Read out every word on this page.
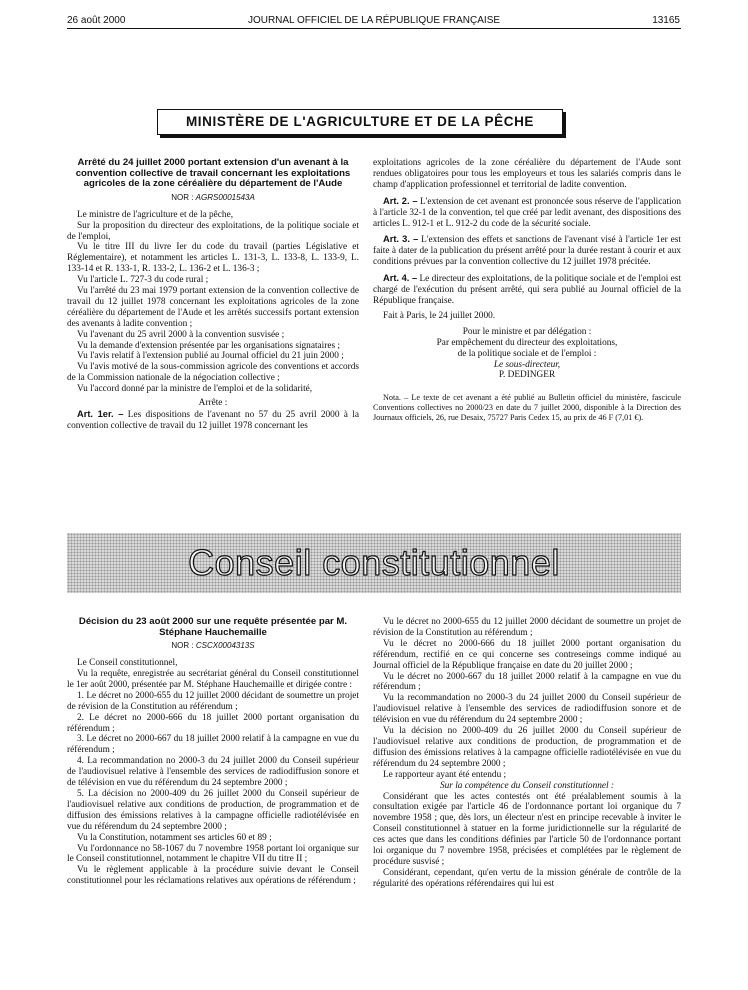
26 août 2000	JOURNAL OFFICIEL DE LA RÉPUBLIQUE FRANÇAISE	13165
MINISTÈRE DE L'AGRICULTURE ET DE LA PÊCHE
Arrêté du 24 juillet 2000 portant extension d'un avenant à la convention collective de travail concernant les exploitations agricoles de la zone céréalière du département de l'Aude
NOR : AGRS0001543A

Le ministre de l'agriculture et de la pêche,

Sur la proposition du directeur des exploitations, de la politique sociale et de l'emploi,

Vu le titre III du livre Ier du code du travail (parties Législative et Réglementaire), et notamment les articles L. 131-3, L. 133-8, L. 133-9, L. 133-14 et R. 133-1, R. 133-2, L. 136-2 et L. 136-3 ;

Vu l'article L. 727-3 du code rural ;

Vu l'arrêté du 23 mai 1979 portant extension de la convention collective de travail du 12 juillet 1978 concernant les exploitations agricoles de la zone céréalière du département de l'Aude et les arrêtés successifs portant extension des avenants à ladite convention ;

Vu l'avenant du 25 avril 2000 à la convention susvisée ;

Vu la demande d'extension présentée par les organisations signataires ;

Vu l'avis relatif à l'extension publié au Journal officiel du 21 juin 2000 ;

Vu l'avis motivé de la sous-commission agricole des conventions et accords de la Commission nationale de la négociation collective ;

Vu l'accord donné par la ministre de l'emploi et de la solidarité,

Arrête :

Art. 1er. – Les dispositions de l'avenant no 57 du 25 avril 2000 à la convention collective de travail du 12 juillet 1978 concernant les

exploitations agricoles de la zone céréalière du département de l'Aude sont rendues obligatoires pour tous les employeurs et tous les salariés compris dans le champ d'application professionnel et territorial de ladite convention.

Art. 2. – L'extension de cet avenant est prononcée sous réserve de l'application à l'article 32-1 de la convention, tel que créé par ledit avenant, des dispositions des articles L. 912-1 et L. 912-2 du code de la sécurité sociale.

Art. 3. – L'extension des effets et sanctions de l'avenant visé à l'article 1er est faite à dater de la publication du présent arrêté pour la durée restant à courir et aux conditions prévues par la convention collective du 12 juillet 1978 précitée.

Art. 4. – Le directeur des exploitations, de la politique sociale et de l'emploi est chargé de l'exécution du présent arrêté, qui sera publié au Journal officiel de la République française.

Fait à Paris, le 24 juillet 2000.

Pour le ministre et par délégation :
Par empêchement du directeur des exploitations,
de la politique sociale et de l'emploi :
Le sous-directeur,
P. DEDINGER

Nota. – Le texte de cet avenant a été publié au Bulletin officiel du ministère, fascicule Conventions collectives no 2000/23 en date du 7 juillet 2000, disponible à la Direction des Journaux officiels, 26, rue Desaix, 75727 Paris Cedex 15, au prix de 46 F (7,01 €).

Conseil constitutionnel
Décision du 23 août 2000 sur une requête présentée par M. Stéphane Hauchemaille
NOR : CSCX0004313S

Le Conseil constitutionnel,

Vu la requête, enregistrée au secrétariat général du Conseil constitutionnel le 1er août 2000, présentée par M. Stéphane Hauchemaille et dirigée contre :

1. Le décret no 2000-655 du 12 juillet 2000 décidant de soumettre un projet de révision de la Constitution au référendum ;

2. Le décret no 2000-666 du 18 juillet 2000 portant organisation du référendum ;

3. Le décret no 2000-667 du 18 juillet 2000 relatif à la campagne en vue du référendum ;

4. La recommandation no 2000-3 du 24 juillet 2000 du Conseil supérieur de l'audiovisuel relative à l'ensemble des services de radiodiffusion sonore et de télévision en vue du référendum du 24 septembre 2000 ;

5. La décision no 2000-409 du 26 juillet 2000 du Conseil supérieur de l'audiovisuel relative aux conditions de production, de programmation et de diffusion des émissions relatives à la campagne officielle radiotélévisée en vue du référendum du 24 septembre 2000 ;

Vu la Constitution, notamment ses articles 60 et 89 ;

Vu l'ordonnance no 58-1067 du 7 novembre 1958 portant loi organique sur le Conseil constitutionnel, notamment le chapitre VII du titre II ;

Vu le règlement applicable à la procédure suivie devant le Conseil constitutionnel pour les réclamations relatives aux opérations de référendum ;

Vu le décret no 2000-655 du 12 juillet 2000 décidant de soumettre un projet de révision de la Constitution au référendum ;

Vu le décret no 2000-666 du 18 juillet 2000 portant organisation du référendum, rectifié en ce qui concerne ses contreseings comme indiqué au Journal officiel de la République française en date du 20 juillet 2000 ;

Vu le décret no 2000-667 du 18 juillet 2000 relatif à la campagne en vue du référendum ;

Vu la recommandation no 2000-3 du 24 juillet 2000 du Conseil supérieur de l'audiovisuel relative à l'ensemble des services de radiodiffusion sonore et de télévision en vue du référendum du 24 septembre 2000 ;

Vu la décision no 2000-409 du 26 juillet 2000 du Conseil supérieur de l'audiovisuel relative aux conditions de production, de programmation et de diffusion des émissions relatives à la campagne officielle radiotélévisée en vue du référendum du 24 septembre 2000 ;

Le rapporteur ayant été entendu ;

Sur la compétence du Conseil constitutionnel :

Considérant que les actes contestés ont été préalablement soumis à la consultation exigée par l'article 46 de l'ordonnance portant loi organique du 7 novembre 1958 ; que, dès lors, un électeur n'est en principe recevable à inviter le Conseil constitutionnel à statuer en la forme juridictionnelle sur la régularité de ces actes que dans les conditions définies par l'article 50 de l'ordonnance portant loi organique du 7 novembre 1958, précisées et complétées par le règlement de procédure susvisé ;

Considérant, cependant, qu'en vertu de la mission générale de contrôle de la régularité des opérations référendaires qui lui est
